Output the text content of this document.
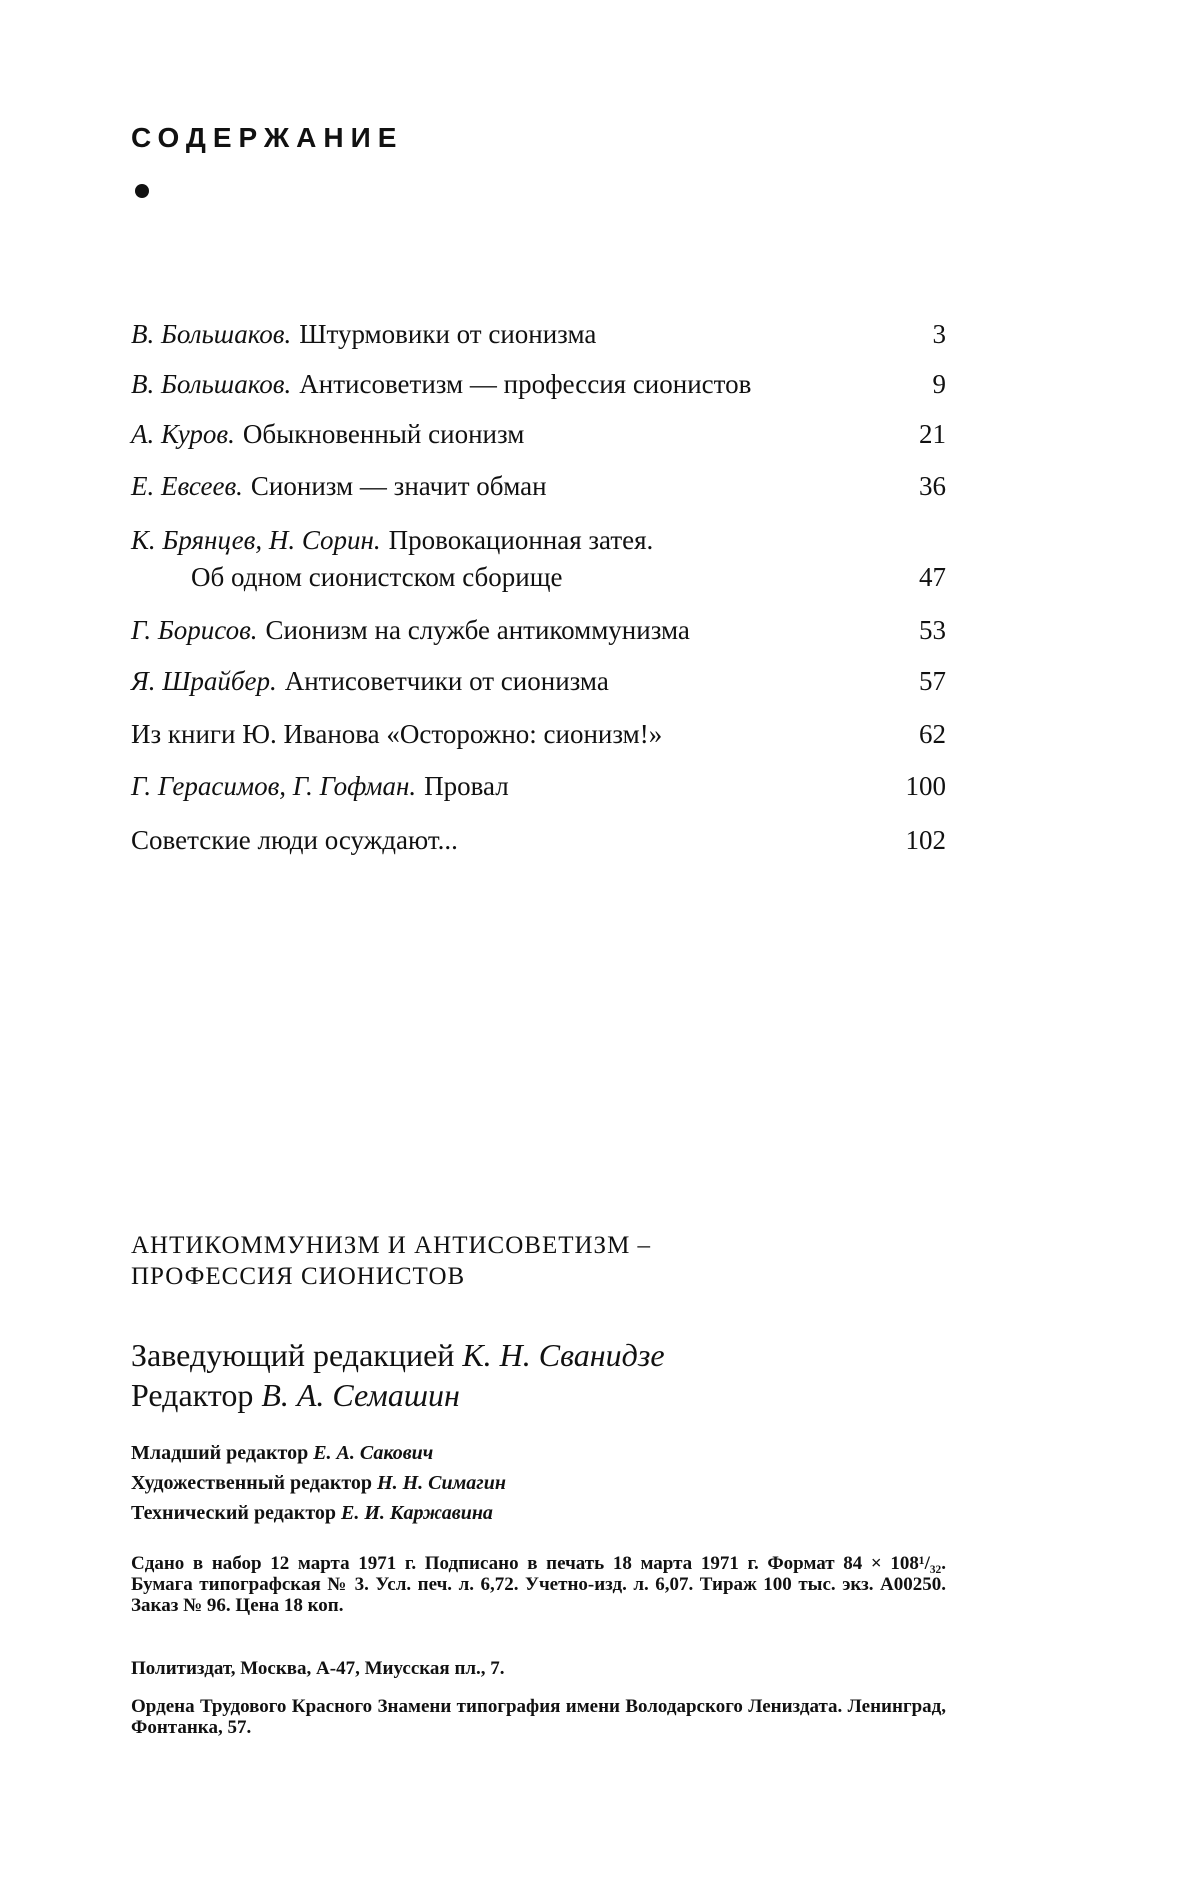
СОДЕРЖАНИЕ
В. Большаков. Штурмовики от сионизма	3
В. Большаков. Антисоветизм — профессия сионистов	9
А. Куров. Обыкновенный сионизм	21
Е. Евсеев. Сионизм — значит обман	36
К. Брянцев, Н. Сорин. Провокационная затея.
Об одном сионистском сборище	47
Г. Борисов. Сионизм на службе антикоммунизма	53
Я. Шрайбер. Антисоветчики от сионизма	57
Из книги Ю. Иванова «Осторожно: сионизм!»	62
Г. Герасимов, Г. Гофман. Провал	100
Советские люди осуждают...	102
АНТИКОММУНИЗМ И АНТИСОВЕТИЗМ –
ПРОФЕССИЯ СИОНИСТОВ
Заведующий редакцией К. Н. Сванидзе
Редактор В. А. Семашин
Младший редактор Е. А. Сакович
Художественный редактор Н. Н. Симагин
Технический редактор Е. И. Каржавина
Сдано в набор 12 марта 1971 г. Подписано в печать 18 марта 1971 г. Формат 84 × 108¹/₃₂. Бумага типографская № 3. Усл. печ. л. 6,72. Учетно-изд. л. 6,07. Тираж 100 тыс. экз. А00250. Заказ № 96. Цена 18 коп.
Политиздат, Москва, А-47, Миусская пл., 7.
Ордена Трудового Красного Знамени типография имени Володарского Лениздата. Ленинград, Фонтанка, 57.
